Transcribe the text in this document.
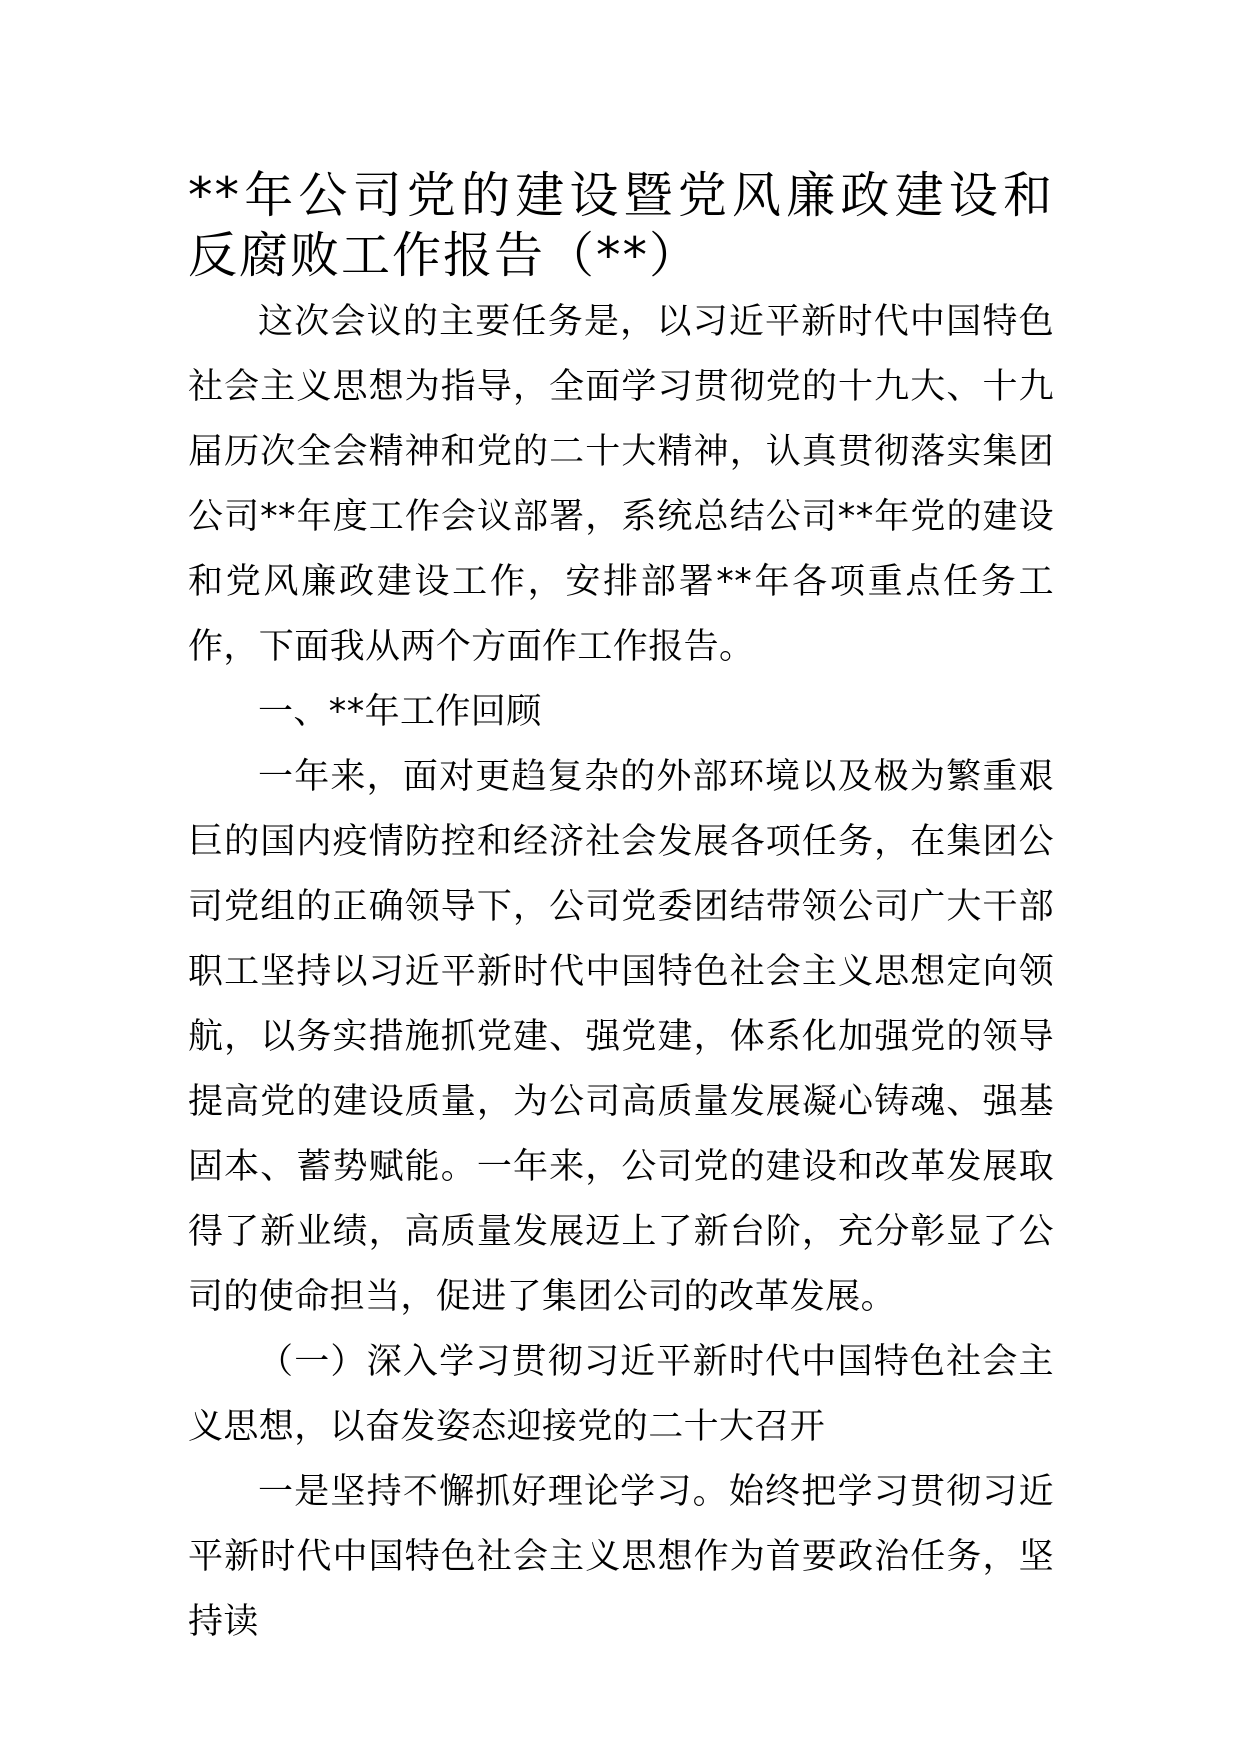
**年公司党的建设暨党风廉政建设和反腐败工作报告（**）

这次会议的主要任务是，以习近平新时代中国特色社会主义思想为指导，全面学习贯彻党的十九大、十九届历次全会精神和党的二十大精神，认真贯彻落实集团公司**年度工作会议部署，系统总结公司**年党的建设和党风廉政建设工作，安排部署**年各项重点任务工作，下面我从两个方面作工作报告。

一、**年工作回顾

一年来，面对更趋复杂的外部环境以及极为繁重艰巨的国内疫情防控和经济社会发展各项任务，在集团公司党组的正确领导下，公司党委团结带领公司广大干部职工坚持以习近平新时代中国特色社会主义思想定向领航，以务实措施抓党建、强党建，体系化加强党的领导提高党的建设质量，为公司高质量发展凝心铸魂、强基固本、蓄势赋能。一年来，公司党的建设和改革发展取得了新业绩，高质量发展迈上了新台阶，充分彰显了公司的使命担当，促进了集团公司的改革发展。

（一）深入学习贯彻习近平新时代中国特色社会主义思想，以奋发姿态迎接党的二十大召开

一是坚持不懈抓好理论学习。始终把学习贯彻习近平新时代中国特色社会主义思想作为首要政治任务，坚持读
